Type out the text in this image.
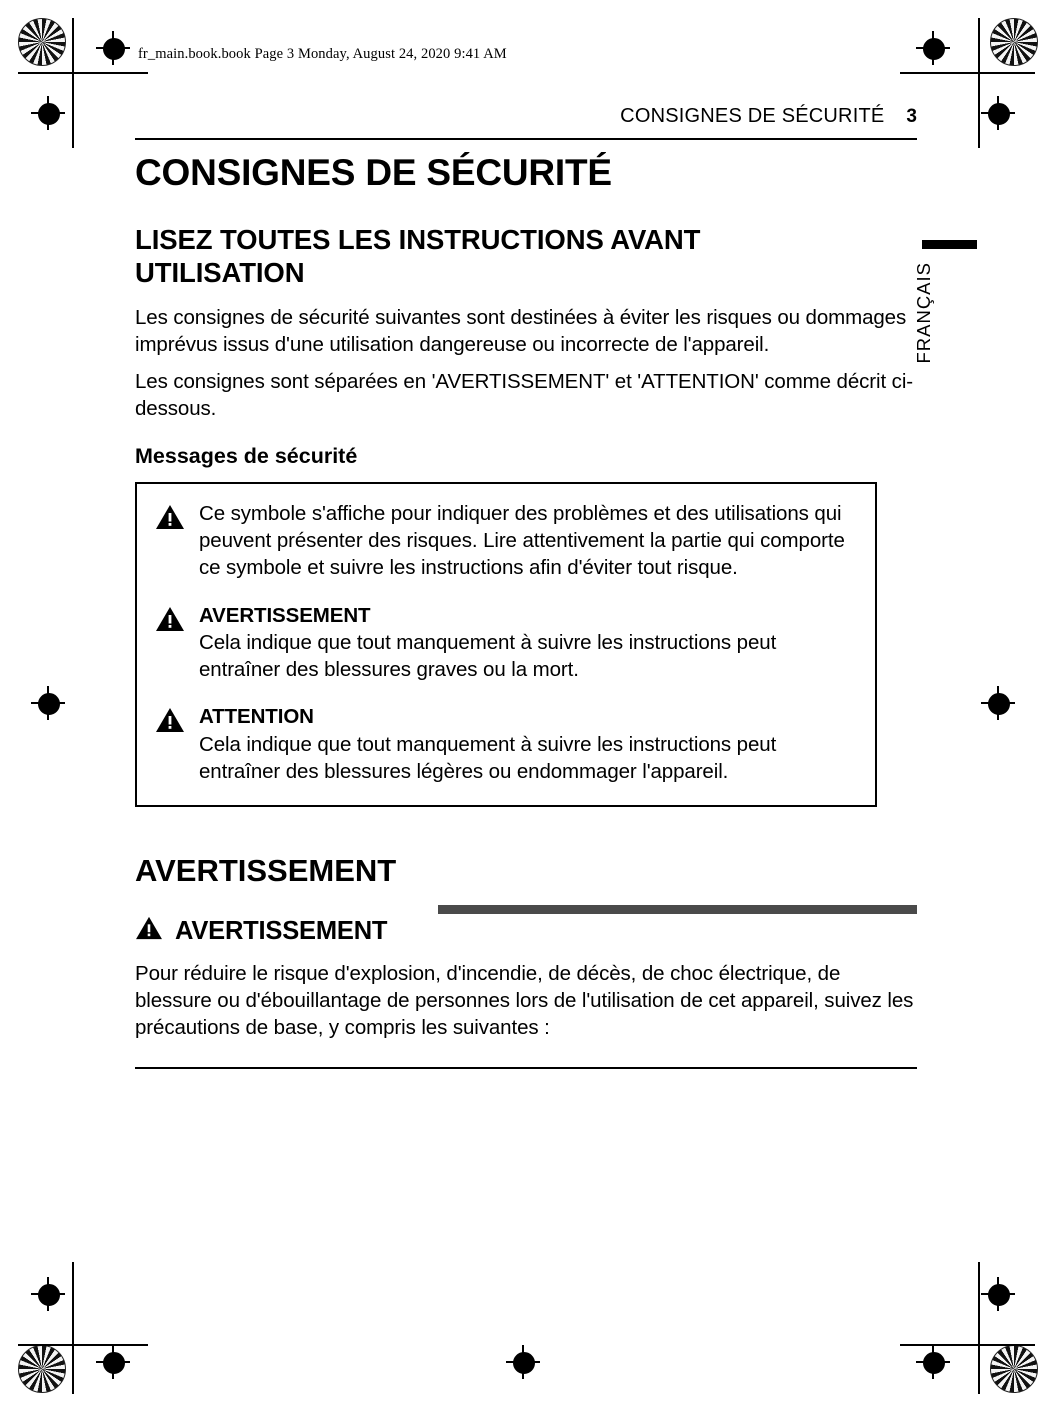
fr_main.book.book Page 3 Monday, August 24, 2020 9:41 AM
CONSIGNES DE SÉCURITÉ 3
FRANÇAIS
CONSIGNES DE SÉCURITÉ
LISEZ TOUTES LES INSTRUCTIONS AVANT UTILISATION

Les consignes de sécurité suivantes sont destinées à éviter les risques ou dommages imprévus issus d'une utilisation dangereuse ou incorrecte de l'appareil.

Les consignes sont séparées en 'AVERTISSEMENT' et 'ATTENTION' comme décrit ci-dessous.

Messages de sécurité
Ce symbole s'affiche pour indiquer des problèmes et des utilisations qui peuvent présenter des risques. Lire attentivement la partie qui comporte ce symbole et suivre les instructions afin d'éviter tout risque.
AVERTISSEMENT
Cela indique que tout manquement à suivre les instructions peut entraîner des blessures graves ou la mort.
ATTENTION
Cela indique que tout manquement à suivre les instructions peut entraîner des blessures légères ou endommager l'appareil.
AVERTISSEMENT
AVERTISSEMENT

Pour réduire le risque d'explosion, d'incendie, de décès, de choc électrique, de blessure ou d'ébouillantage de personnes lors de l'utilisation de cet appareil, suivez les précautions de base, y compris les suivantes :
